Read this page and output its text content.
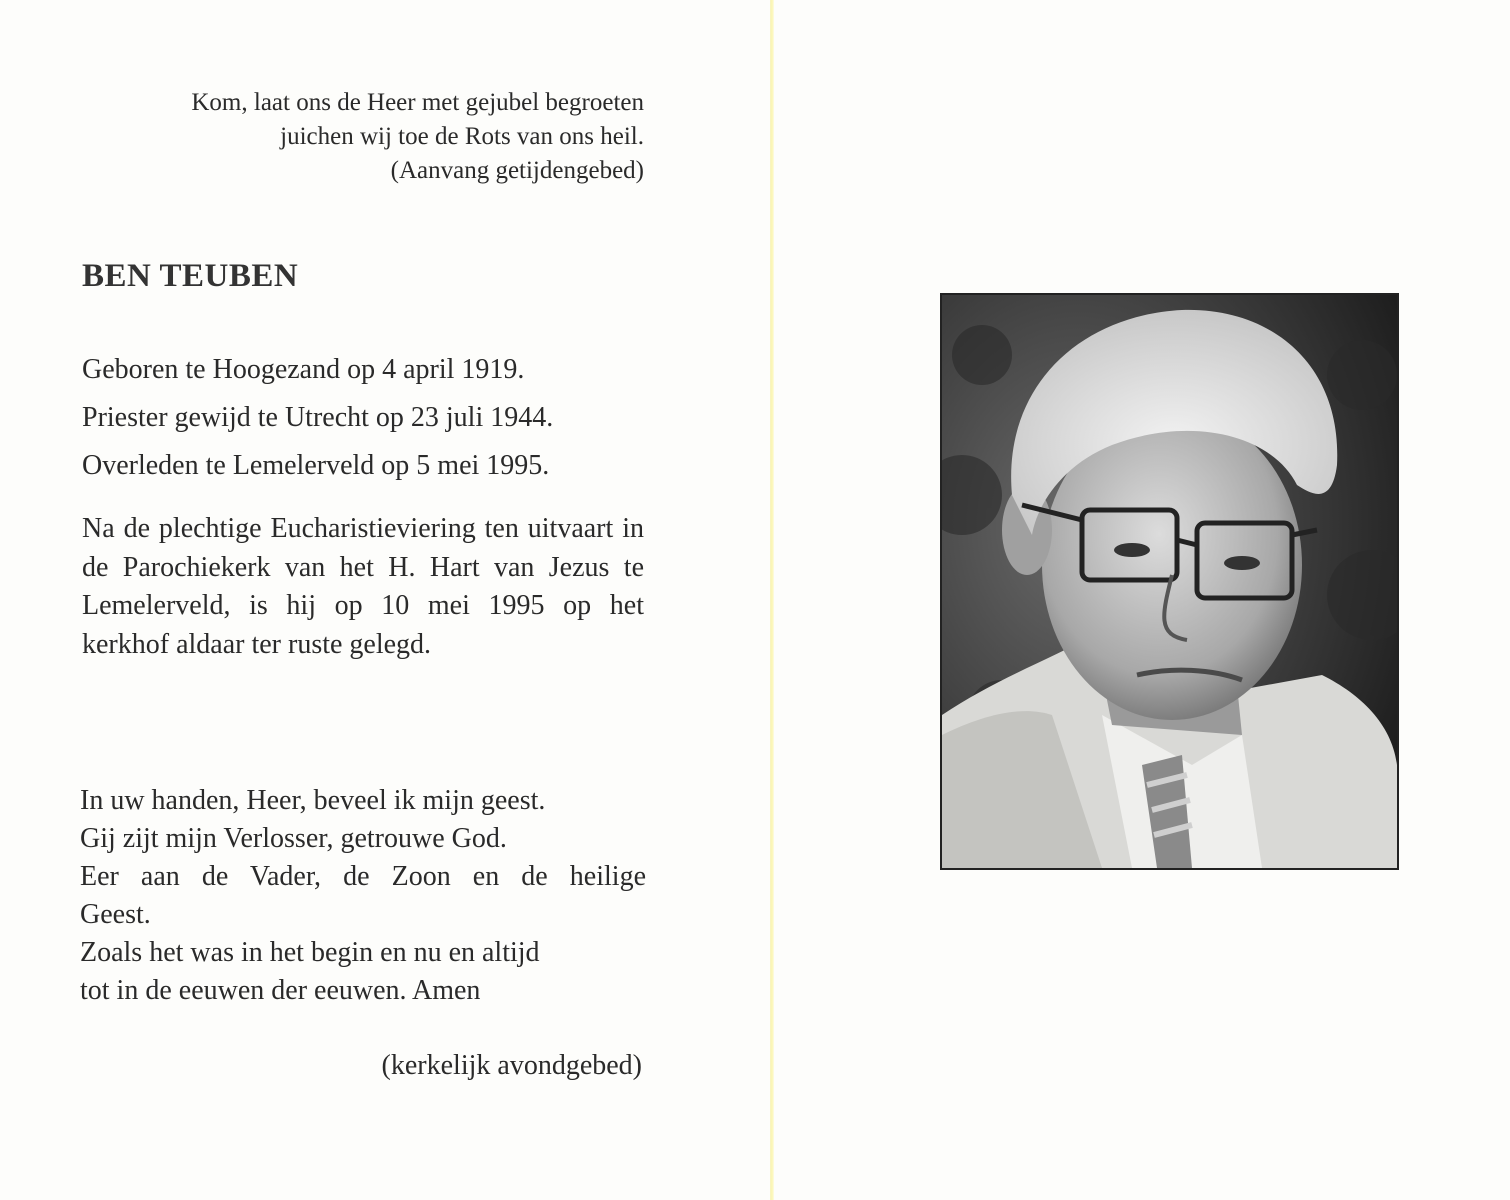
Kom, laat ons de Heer met gejubel begroeten
juichen wij toe de Rots van ons heil.
(Aanvang getijdengebed)

BEN TEUBEN
Geboren te Hoogezand op 4 april 1919.
Priester gewijd te Utrecht op 23 juli 1944.
Overleden te Lemelerveld op 5 mei 1995.

Na de plechtige Eucharistieviering ten uitvaart in de Parochiekerk van het H. Hart van Jezus te Lemelerveld, is hij op 10 mei 1995 op het kerkhof aldaar ter ruste gelegd.

In uw handen, Heer, beveel ik mijn geest.
Gij zijt mijn Verlosser, getrouwe God.
Eer aan de Vader, de Zoon en de heilige
Geest.
Zoals het was in het begin en nu en altijd
tot in de eeuwen der eeuwen. Amen

(kerkelijk avondgebed)
